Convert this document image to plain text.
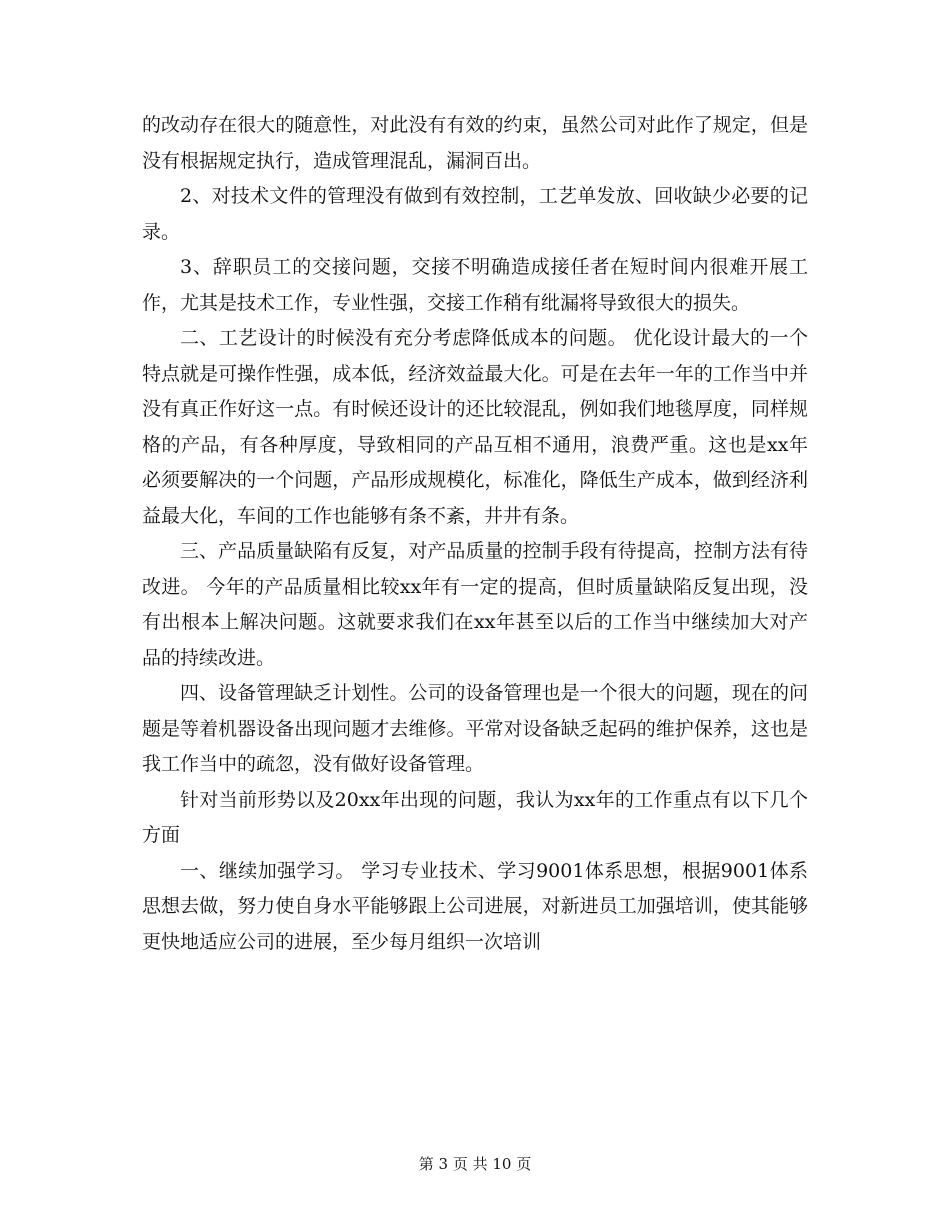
的改动存在很大的随意性，对此没有有效的约束，虽然公司对此作了规定，但是没有根据规定执行，造成管理混乱，漏洞百出。

2、对技术文件的管理没有做到有效控制，工艺单发放、回收缺少必要的记录。

3、辞职员工的交接问题，交接不明确造成接任者在短时间内很难开展工作，尤其是技术工作，专业性强，交接工作稍有纰漏将导致很大的损失。

二、工艺设计的时候没有充分考虑降低成本的问题。 优化设计最大的一个特点就是可操作性强，成本低，经济效益最大化。可是在去年一年的工作当中并没有真正作好这一点。有时候还设计的还比较混乱，例如我们地毯厚度，同样规格的产品，有各种厚度，导致相同的产品互相不通用，浪费严重。这也是xx年必须要解决的一个问题，产品形成规模化，标准化，降低生产成本，做到经济利益最大化，车间的工作也能够有条不紊，井井有条。

三、产品质量缺陷有反复，对产品质量的控制手段有待提高，控制方法有待改进。 今年的产品质量相比较xx年有一定的提高，但时质量缺陷反复出现，没有出根本上解决问题。这就要求我们在xx年甚至以后的工作当中继续加大对产品的持续改进。

四、设备管理缺乏计划性。公司的设备管理也是一个很大的问题，现在的问题是等着机器设备出现问题才去维修。平常对设备缺乏起码的维护保养，这也是我工作当中的疏忽，没有做好设备管理。

针对当前形势以及20xx年出现的问题，我认为xx年的工作重点有以下几个方面

一、继续加强学习。 学习专业技术、学习9001体系思想，根据9001体系思想去做，努力使自身水平能够跟上公司进展，对新进员工加强培训，使其能够更快地适应公司的进展，至少每月组织一次培训

第 3 页 共 10 页
